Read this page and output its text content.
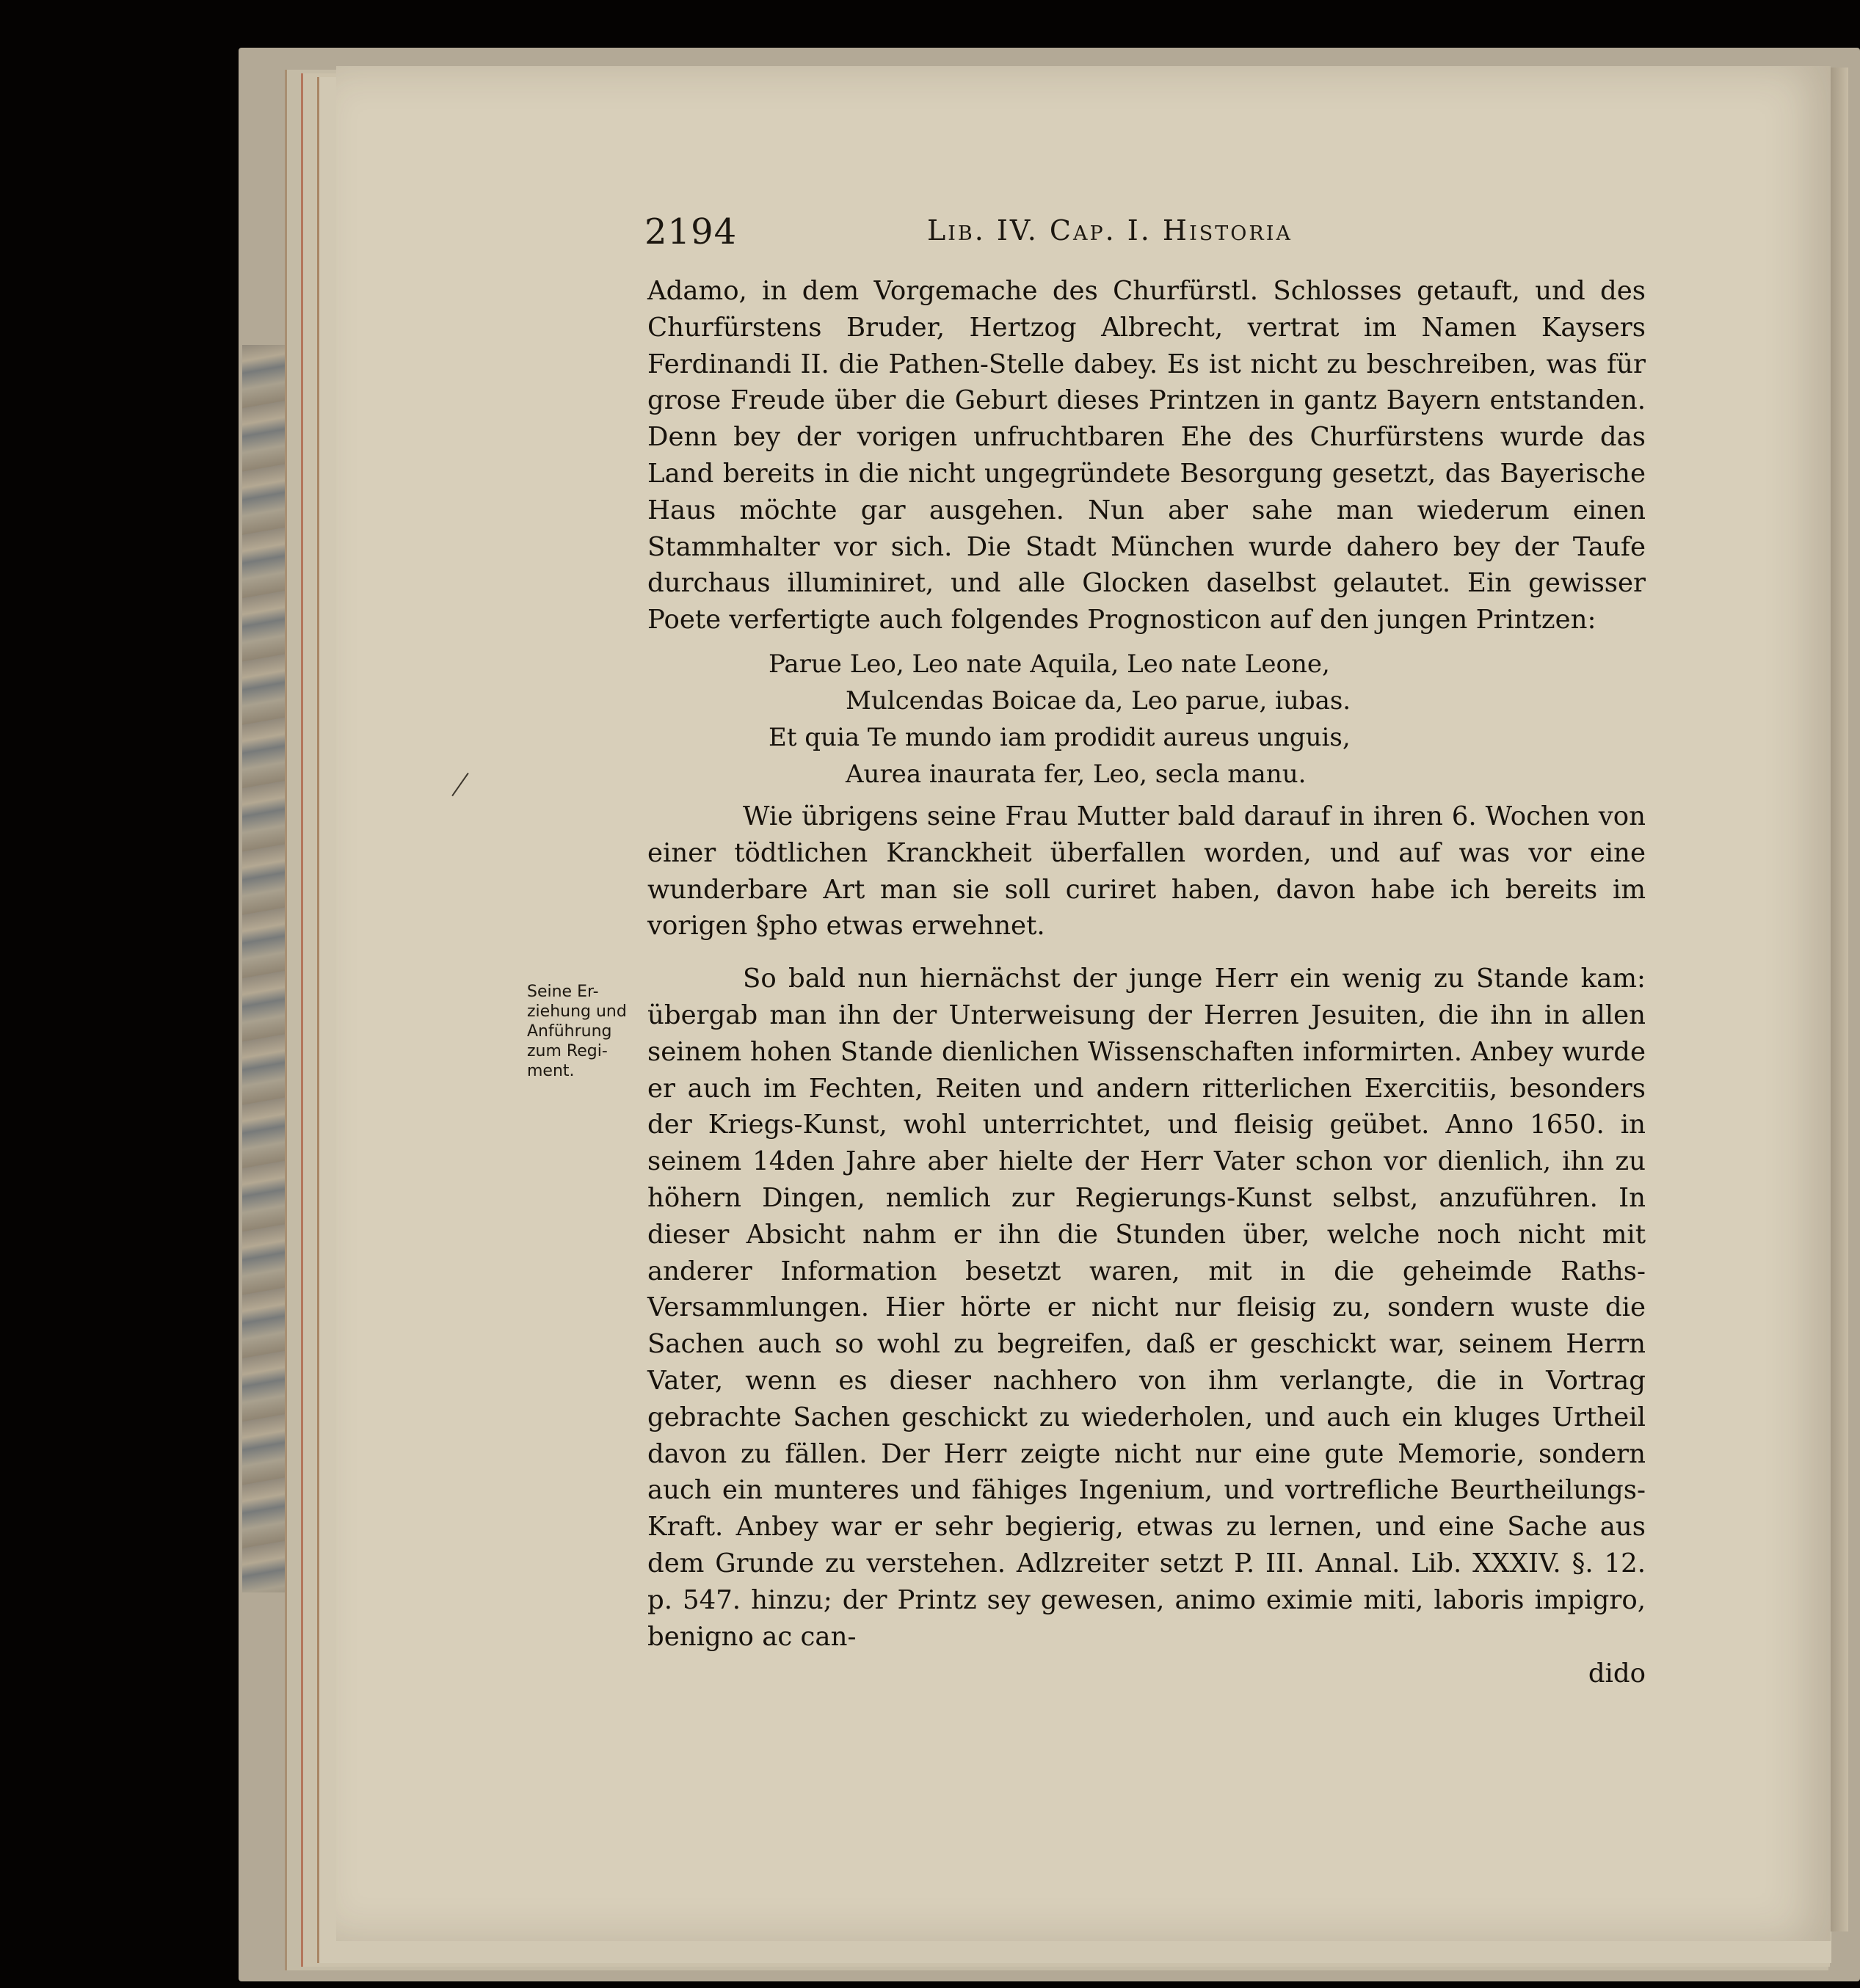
2194	Lib. IV. Cap. I. Historia
Seine Er-
ziehung und
Anführung
zum Regi-
ment.

Adamo, in dem Vorgemache des Churfürstl. Schlosses getauft, und des Churfürstens Bruder, Hertzog Albrecht, vertrat im Namen Kaysers Ferdinandi II. die Pathen-Stelle dabey. Es ist nicht zu beschreiben, was für grose Freude über die Geburt dieses Printzen in gantz Bayern entstanden. Denn bey der vorigen unfruchtbaren Ehe des Churfürstens wurde das Land bereits in die nicht ungegründete Besorgung gesetzt, das Bayerische Haus möchte gar ausgehen. Nun aber sahe man wiederum einen Stammhalter vor sich. Die Stadt München wurde dahero bey der Taufe durchaus illuminiret, und alle Glocken daselbst gelautet. Ein gewisser Poete verfertigte auch folgendes Prognosticon auf den jungen Printzen:

Parue Leo, Leo nate Aquila, Leo nate Leone,
Mulcendas Boicae da, Leo parue, iubas.
Et quia Te mundo iam prodidit aureus unguis,
Aurea inaurata fer, Leo, secla manu.

Wie übrigens seine Frau Mutter bald darauf in ihren 6. Wochen von einer tödtlichen Kranckheit überfallen worden, und auf was vor eine wunderbare Art man sie soll curiret haben, davon habe ich bereits im vorigen §pho etwas erwehnet.

So bald nun hiernächst der junge Herr ein wenig zu Stande kam: übergab man ihn der Unterweisung der Herren Jesuiten, die ihn in allen seinem hohen Stande dienlichen Wissenschaften informirten. Anbey wurde er auch im Fechten, Reiten und andern ritterlichen Exercitiis, besonders der Kriegs-Kunst, wohl unterrichtet, und fleisig geübet. Anno 1650. in seinem 14den Jahre aber hielte der Herr Vater schon vor dienlich, ihn zu höhern Dingen, nemlich zur Regierungs-Kunst selbst, anzuführen. In dieser Absicht nahm er ihn die Stunden über, welche noch nicht mit anderer Information besetzt waren, mit in die geheimde Raths-Versammlungen. Hier hörte er nicht nur fleisig zu, sondern wuste die Sachen auch so wohl zu begreifen, daß er geschickt war, seinem Herrn Vater, wenn es dieser nachhero von ihm verlangte, die in Vortrag gebrachte Sachen geschickt zu wiederholen, und auch ein kluges Urtheil davon zu fällen. Der Herr zeigte nicht nur eine gute Memorie, sondern auch ein munteres und fähiges Ingenium, und vortrefliche Beurtheilungs-Kraft. Anbey war er sehr begierig, etwas zu lernen, und eine Sache aus dem Grunde zu verstehen. Adlzreiter setzt P. III. Annal. Lib. XXXIV. §. 12. p. 547. hinzu; der Printz sey gewesen, animo eximie miti, laboris impigro, benigno ac can-

dido
